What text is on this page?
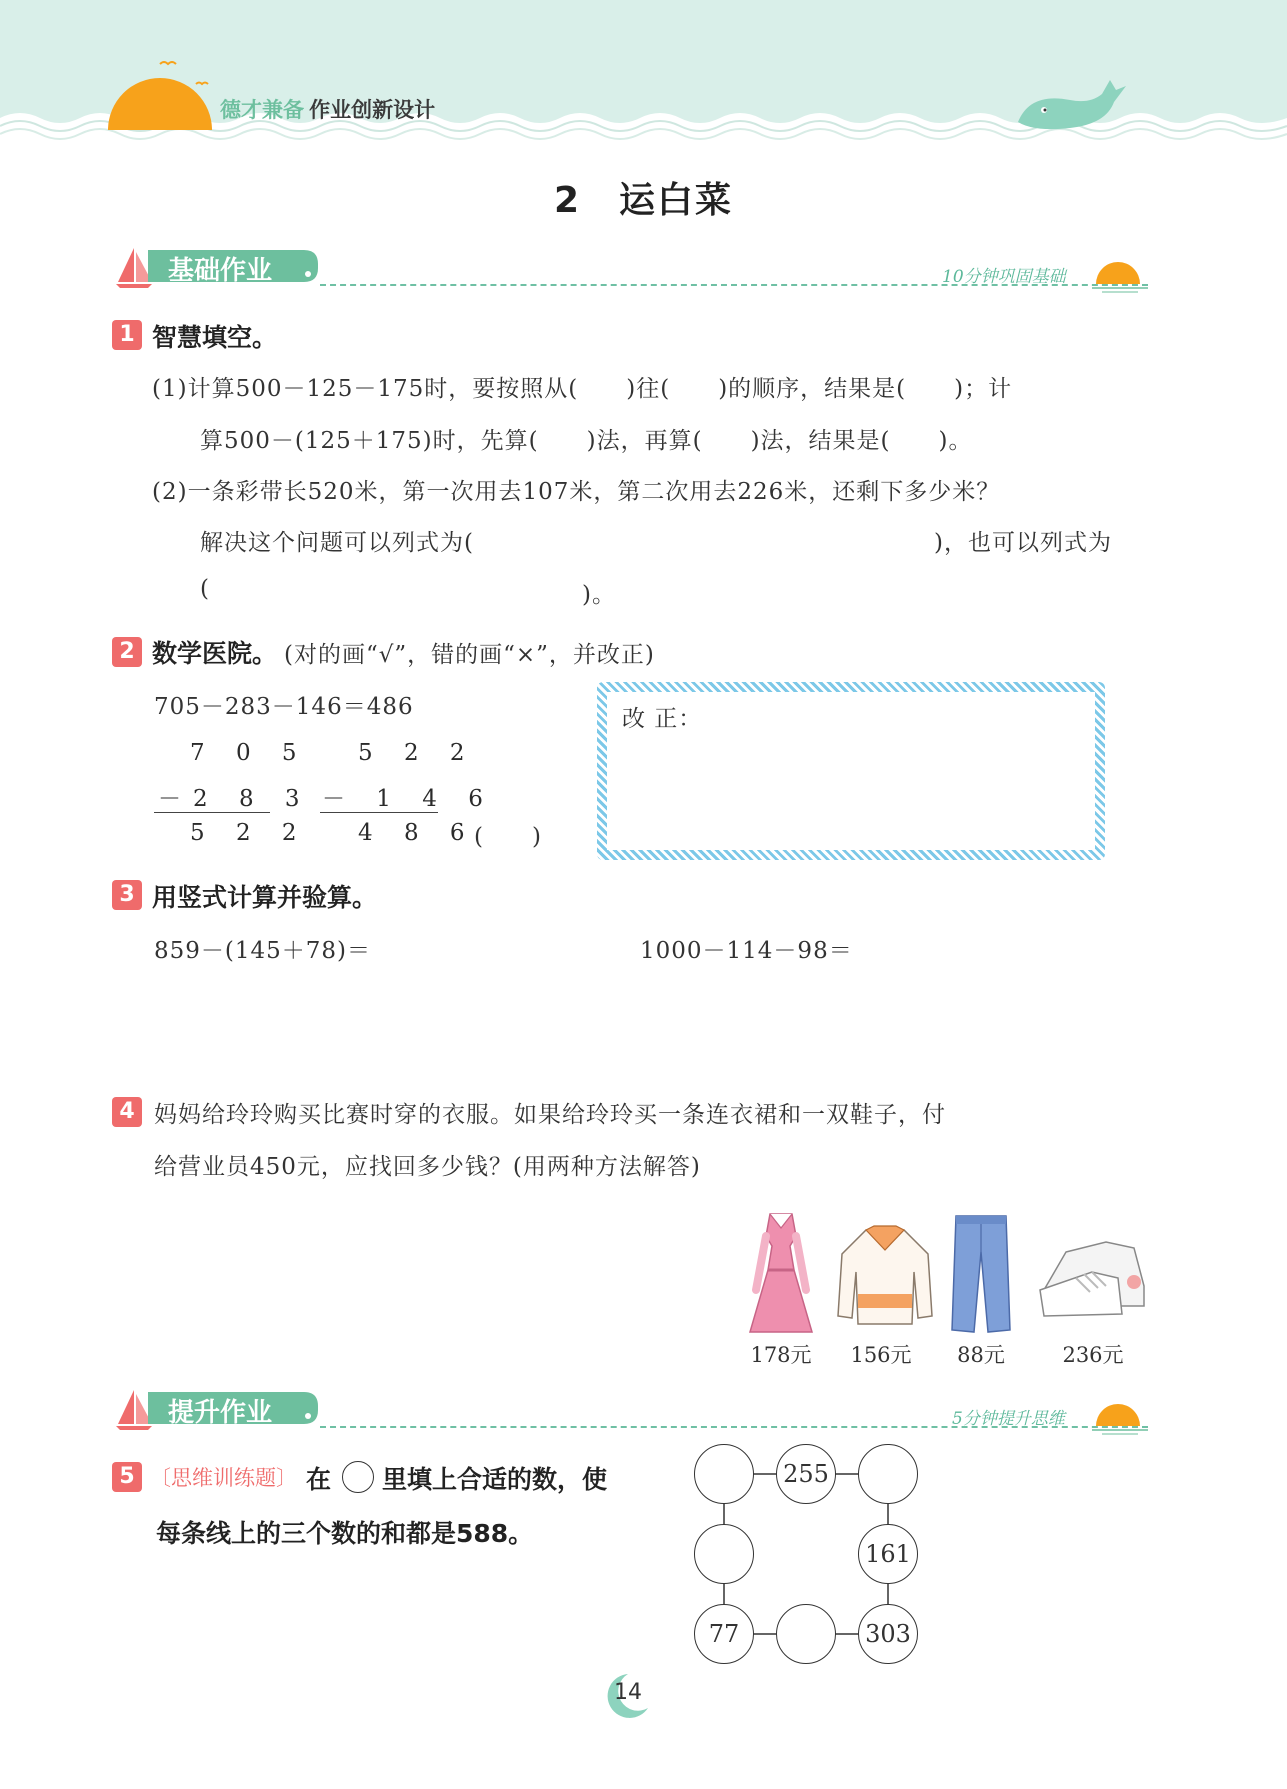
德才兼备 作业创新设计
2　运白菜
基础作业	10分钟巩固基础
1 智慧填空。
(1)计算500－125－175时，要按照从(　　)往(　　)的顺序，结果是(　　)；计
算500－(125＋175)时，先算(　　)法，再算(　　)法，结果是(　　)。
(2)一条彩带长520米，第一次用去107米，第二次用去226米，还剩下多少米？
解决这个问题可以列式为(	)，也可以列式为
(	)。
2 数学医院。 (对的画“√”，错的画“×”，并改正)
705－283－146＝486
7 0 5
－2 8 3
5 2 2
5 2 2
－ 1 4 6
4 8 6
(　　)
改 正：
3 用竖式计算并验算。
859－(145＋78)＝	1000－114－98＝
4 妈妈给玲玲购买比赛时穿的衣服。如果给玲玲买一条连衣裙和一双鞋子，付
给营业员450元，应找回多少钱？(用两种方法解答)
178元	156元	88元	236元
提升作业	5分钟提升思维
5 〔思维训练题〕 在 里填上合适的数，使
每条线上的三个数的和都是588。
255
161
77	303
14
